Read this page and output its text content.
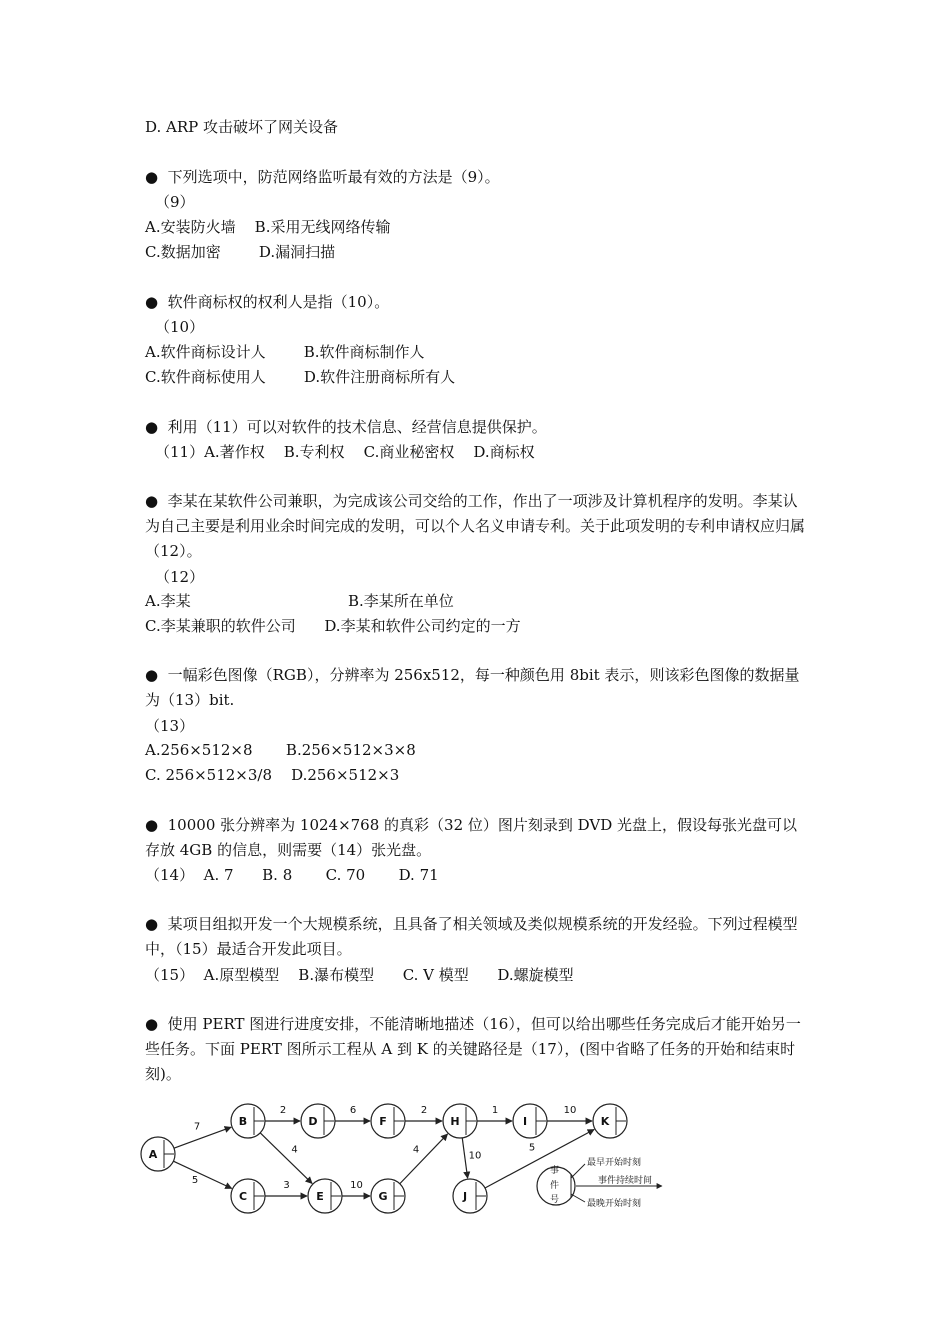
D. ARP 攻击破坏了网关设备
● 下列选项中，防范网络监听最有效的方法是（9）。
（9）
A.安装防火墙    B.采用无线网络传输
C.数据加密        D.漏洞扫描
● 软件商标权的权利人是指（10）。
（10）
A.软件商标设计人        B.软件商标制作人
C.软件商标使用人        D.软件注册商标所有人
● 利用（11）可以对软件的技术信息、经营信息提供保护。
（11）A.著作权    B.专利权    C.商业秘密权    D.商标权
● 李某在某软件公司兼职，为完成该公司交给的工作，作出了一项涉及计算机程序的发明。李某认为自己主要是利用业余时间完成的发明，可以个人名义申请专利。关于此项发明的专利申请权应归属（12）。
（12）
A.李某                                 B.李某所在单位
C.李某兼职的软件公司      D.李某和软件公司约定的一方
● 一幅彩色图像（RGB），分辨率为 256x512，每一种颜色用 8bit 表示，则该彩色图像的数据量为（13）bit.
（13）
A.256×512×8       B.256×512×3×8
C. 256×512×3/8    D.256×512×3
● 10000 张分辨率为 1024×768 的真彩（32 位）图片刻录到 DVD 光盘上，假设每张光盘可以存放 4GB 的信息，则需要（14）张光盘。
（14）  A. 7      B. 8       C. 70       D. 71
● 某项目组拟开发一个大规模系统，且具备了相关领域及类似规模系统的开发经验。下列过程模型中，（15）最适合开发此项目。
（15）  A.原型模型    B.瀑布模型      C. V 模型      D.螺旋模型
● 使用 PERT 图进行进度安排，不能清晰地描述（16），但可以给出哪些任务完成后才能开始另一些任务。下面 PERT 图所示工程从 A 到 K 的关键路径是（17），(图中省略了任务的开始和结束时刻)。
7
5
2
4
3
6
10
2
4
1
10
10
5
A
B
C
D
E
F
G
H	I
J
K
事
件
号
最早开始时刻
事件持续时间
最晚开始时刻
